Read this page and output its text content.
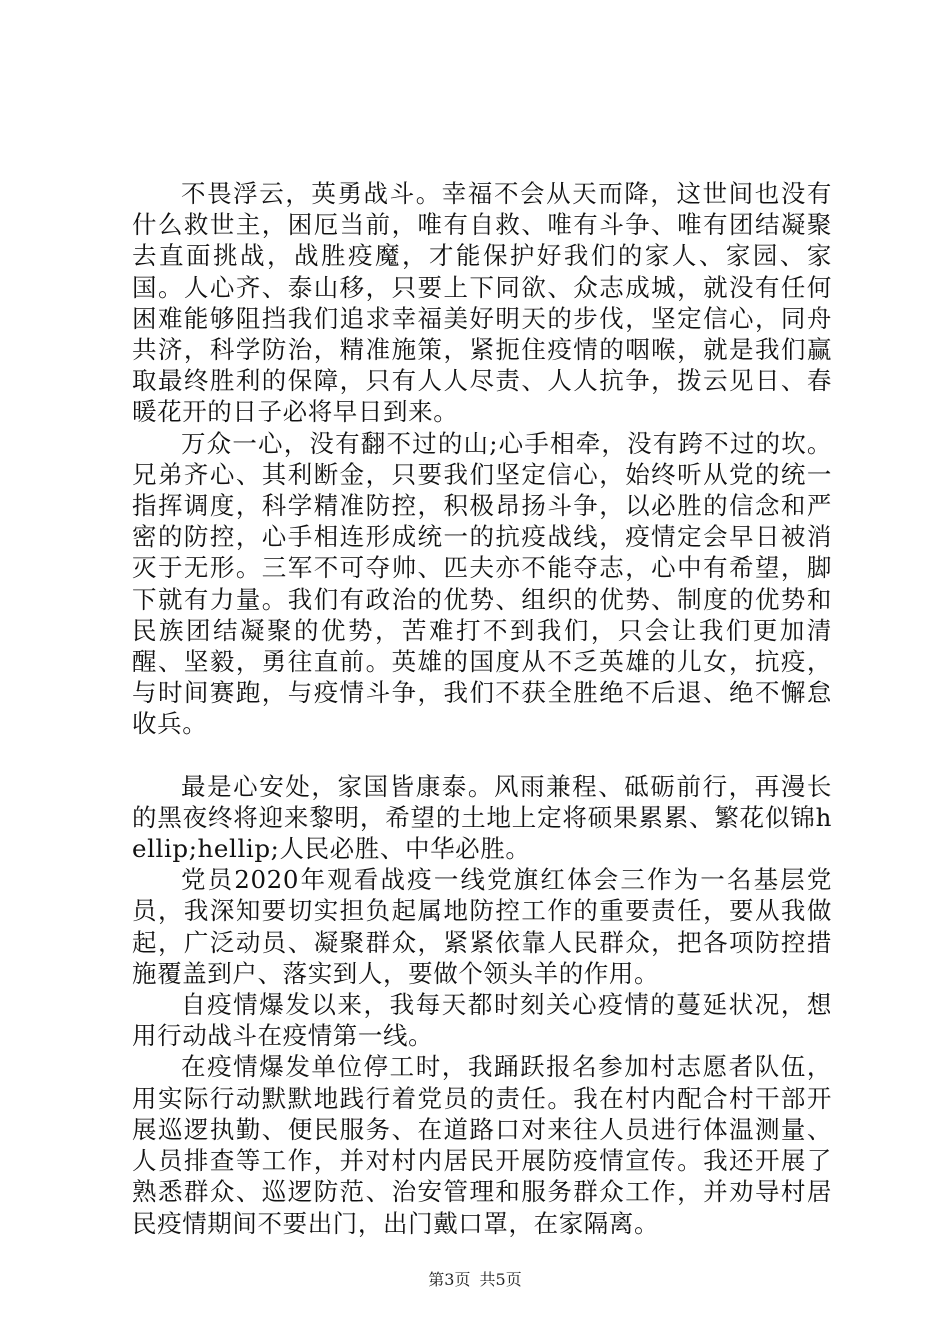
不畏浮云，英勇战斗。幸福不会从天而降，这世间也没有什么救世主，困厄当前，唯有自救、唯有斗争、唯有团结凝聚去直面挑战，战胜疫魔，才能保护好我们的家人、家园、家国。人心齐、泰山移，只要上下同欲、众志成城，就没有任何困难能够阻挡我们追求幸福美好明天的步伐，坚定信心，同舟共济，科学防治，精准施策，紧扼住疫情的咽喉，就是我们赢取最终胜利的保障，只有人人尽责、人人抗争，拨云见日、春暖花开的日子必将早日到来。

万众一心，没有翻不过的山;心手相牵，没有跨不过的坎。兄弟齐心、其利断金，只要我们坚定信心，始终听从党的统一指挥调度，科学精准防控，积极昂扬斗争，以必胜的信念和严密的防控，心手相连形成统一的抗疫战线，疫情定会早日被消灭于无形。三军不可夺帅、匹夫亦不能夺志，心中有希望，脚下就有力量。我们有政治的优势、组织的优势、制度的优势和民族团结凝聚的优势，苦难打不到我们，只会让我们更加清醒、坚毅，勇往直前。英雄的国度从不乏英雄的儿女，抗疫，与时间赛跑，与疫情斗争，我们不获全胜绝不后退、绝不懈怠收兵。

最是心安处，家国皆康泰。风雨兼程、砥砺前行，再漫长的黑夜终将迎来黎明，希望的土地上定将硕果累累、繁花似锦hellip;hellip;人民必胜、中华必胜。

党员2020年观看战疫一线党旗红体会三作为一名基层党员，我深知要切实担负起属地防控工作的重要责任，要从我做起，广泛动员、凝聚群众，紧紧依靠人民群众，把各项防控措施覆盖到户、落实到人，要做个领头羊的作用。

自疫情爆发以来，我每天都时刻关心疫情的蔓延状况，想用行动战斗在疫情第一线。

在疫情爆发单位停工时，我踊跃报名参加村志愿者队伍，用实际行动默默地践行着党员的责任。我在村内配合村干部开展巡逻执勤、便民服务、在道路口对来往人员进行体温测量、人员排查等工作，并对村内居民开展防疫情宣传。我还开展了熟悉群众、巡逻防范、治安管理和服务群众工作，并劝导村居民疫情期间不要出门，出门戴口罩，在家隔离。

第3页 共5页
